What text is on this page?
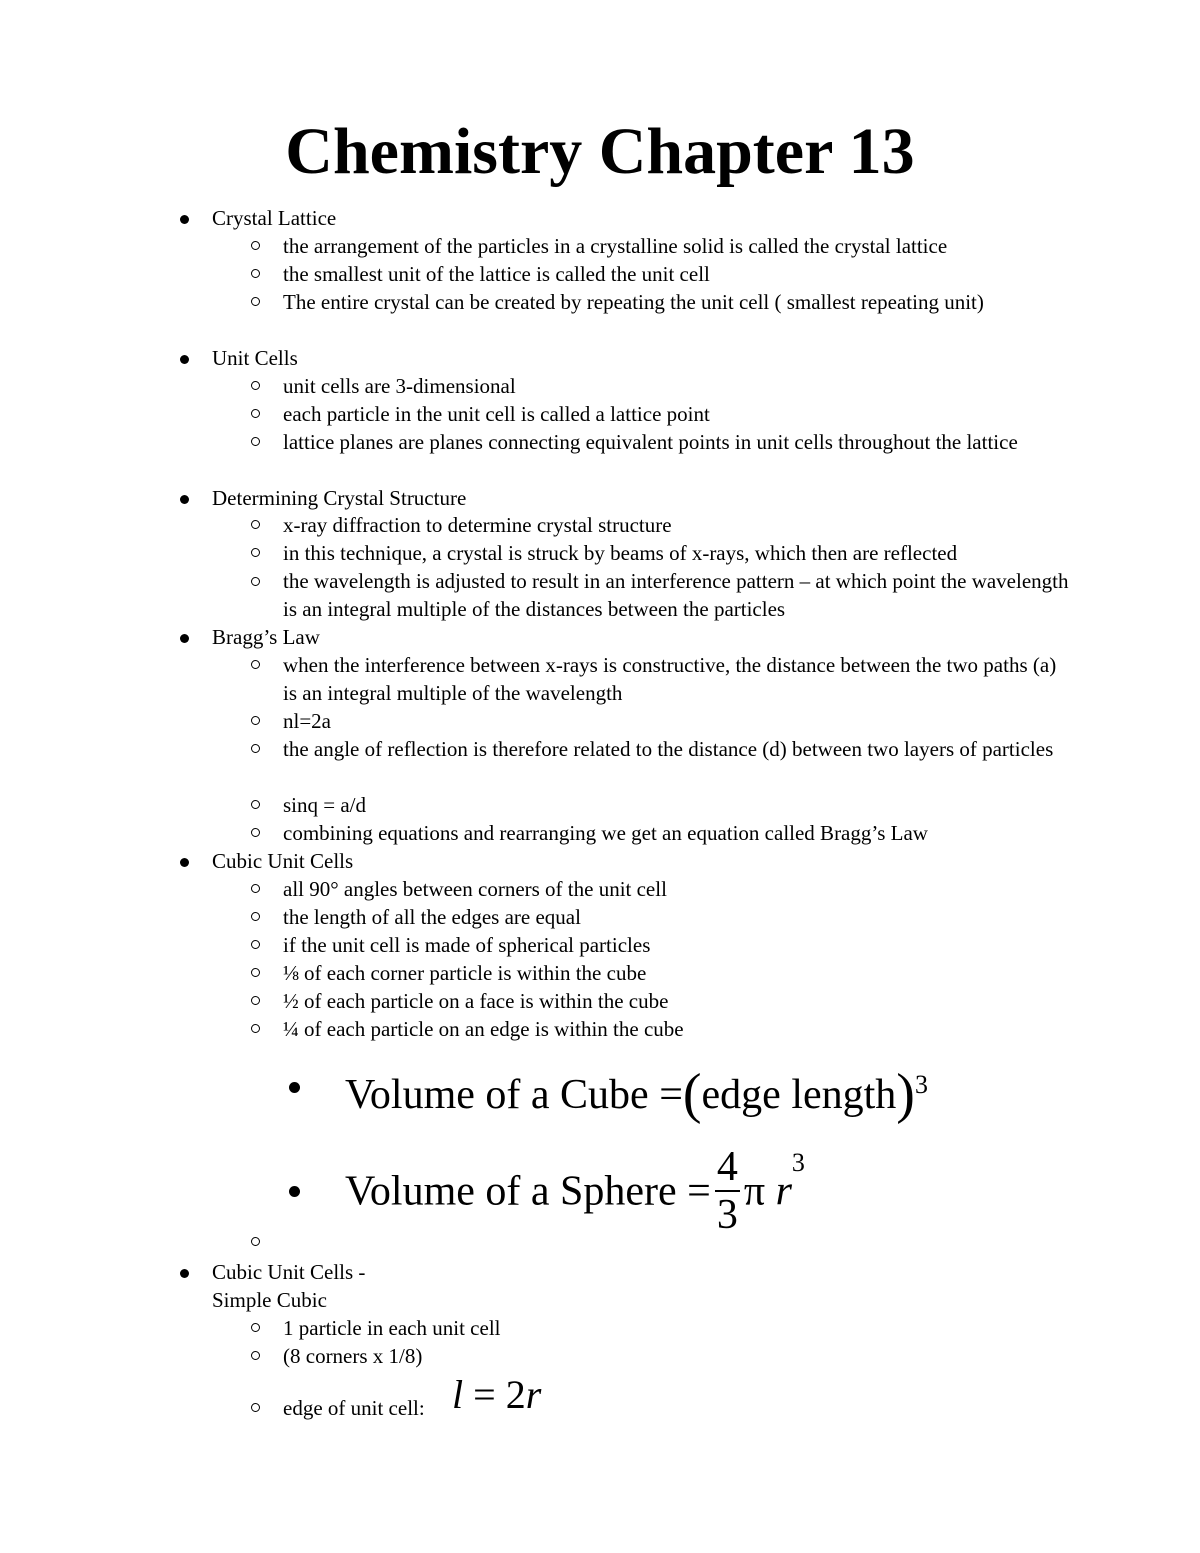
Chemistry Chapter 13
Crystal Lattice
the arrangement of the particles in a crystalline solid is called the crystal lattice
the smallest unit of the lattice is called the unit cell
The entire crystal can be created by repeating the unit cell ( smallest repeating unit)
Unit Cells
unit cells are 3-dimensional
each particle in the unit cell is called a lattice point
lattice planes are planes connecting equivalent points in unit cells throughout the lattice
Determining Crystal Structure
x-ray diffraction to determine crystal structure
in this technique, a crystal is struck by beams of x-rays, which then are reflected
the wavelength is adjusted to result in an interference pattern – at which point the wavelength is an integral multiple of the distances between the particles
Bragg’s Law
when the interference between x-rays is constructive, the distance between the two paths (a) is an integral multiple of the wavelength
nl=2a
the angle of reflection is therefore related to the distance (d) between two layers of particles
sinq = a/d
combining equations and rearranging we get an equation called Bragg’s Law
Cubic Unit Cells
all 90° angles between corners of the unit cell
the length of all the edges are equal
if the unit cell is made of spherical particles
⅛ of each corner particle is within the cube
½ of each particle on a face is within the cube
¼ of each particle on an edge is within the cube
Volume of a Cube =(edge length)$^3$
Volume of a Sphere = $\frac{4}{3}$ π $r^3$
Cubic Unit Cells -
Simple Cubic
1 particle in each unit cell
(8 corners x 1/8)
edge of unit cell: l = 2r
